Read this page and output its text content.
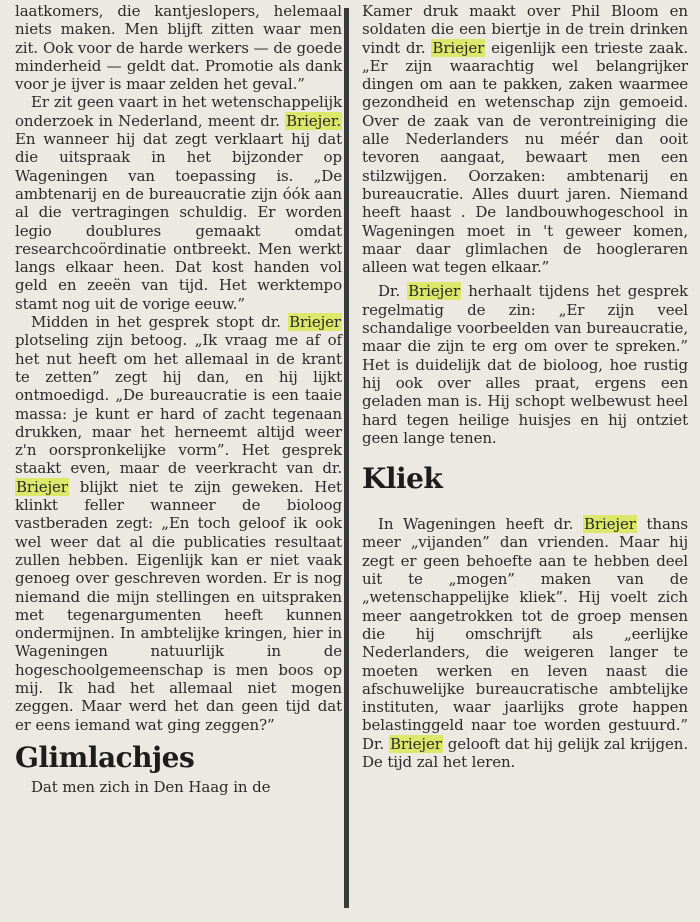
laatkomers, die kantjeslopers, helemaal niets maken. Men blijft zitten waar men zit. Ook voor de harde werkers — de goede minderheid — geldt dat. Promotie als dank voor je ijver is maar zelden het geval.”

Er zit geen vaart in het wetenschappelijk onderzoek in Nederland, meent dr. Briejer. En wanneer hij dat zegt verklaart hij dat die uitspraak in het bijzonder op Wageningen van toepassing is. „De ambtenarij en de bureaucratie zijn óók aan al die vertragingen schuldig. Er worden legio doublures gemaakt omdat researchcoördinatie ontbreekt. Men werkt langs elkaar heen. Dat kost handen vol geld en zeeën van tijd. Het werktempo stamt nog uit de vorige eeuw.”

Midden in het gesprek stopt dr. Briejer plotseling zijn betoog. „Ik vraag me af of het nut heeft om het allemaal in de krant te zetten” zegt hij dan, en hij lijkt ontmoedigd. „De bureaucratie is een taaie massa: je kunt er hard of zacht tegenaan drukken, maar het herneemt altijd weer z'n oorspronkelijke vorm”. Het gesprek staakt even, maar de veerkracht van dr. Briejer blijkt niet te zijn geweken. Het klinkt feller wanneer de bioloog vastberaden zegt: „En toch geloof ik ook wel weer dat al die publicaties resultaat zullen hebben. Eigenlijk kan er niet vaak genoeg over geschreven worden. Er is nog niemand die mijn stellingen en uitspraken met tegenargumenten heeft kunnen ondermijnen. In ambtelijke kringen, hier in Wageningen natuurlijk in de hogeschoolgemeenschap is men boos op mij. Ik had het allemaal niet mogen zeggen. Maar werd het dan geen tijd dat er eens iemand wat ging zeggen?”

Glimlachjes

Dat men zich in Den Haag in de

Kamer druk maakt over Phil Bloom en soldaten die een biertje in de trein drinken vindt dr. Briejer eigenlijk een trieste zaak. „Er zijn waarachtig wel belangrijker dingen om aan te pakken, zaken waarmee gezondheid en wetenschap zijn gemoeid. Over de zaak van de verontreiniging die alle Nederlanders nu méér dan ooit tevoren aangaat, bewaart men een stilzwijgen. Oorzaken: ambtenarij en bureaucratie. Alles duurt jaren. Niemand heeft haast . De landbouwhogeschool in Wageningen moet in 't geweer komen, maar daar glimlachen de hoogleraren alleen wat tegen elkaar.”

Dr. Briejer herhaalt tijdens het gesprek regelmatig de zin: „Er zijn veel schandalige voorbeelden van bureaucratie, maar die zijn te erg om over te spreken.” Het is duidelijk dat de bioloog, hoe rustig hij ook over alles praat, ergens een geladen man is. Hij schopt welbewust heel hard tegen heilige huisjes en hij ontziet geen lange tenen.

Kliek

In Wageningen heeft dr. Briejer thans meer „vijanden” dan vrienden. Maar hij zegt er geen behoefte aan te hebben deel uit te „mogen” maken van de „wetenschappelijke kliek”. Hij voelt zich meer aangetrokken tot de groep mensen die hij omschrijft als „eerlijke Nederlanders, die weigeren langer te moeten werken en leven naast die afschuwelijke bureaucratische ambtelijke instituten, waar jaarlijks grote happen belastinggeld naar toe worden gestuurd.” Dr. Briejer gelooft dat hij gelijk zal krijgen. De tijd zal het leren.
